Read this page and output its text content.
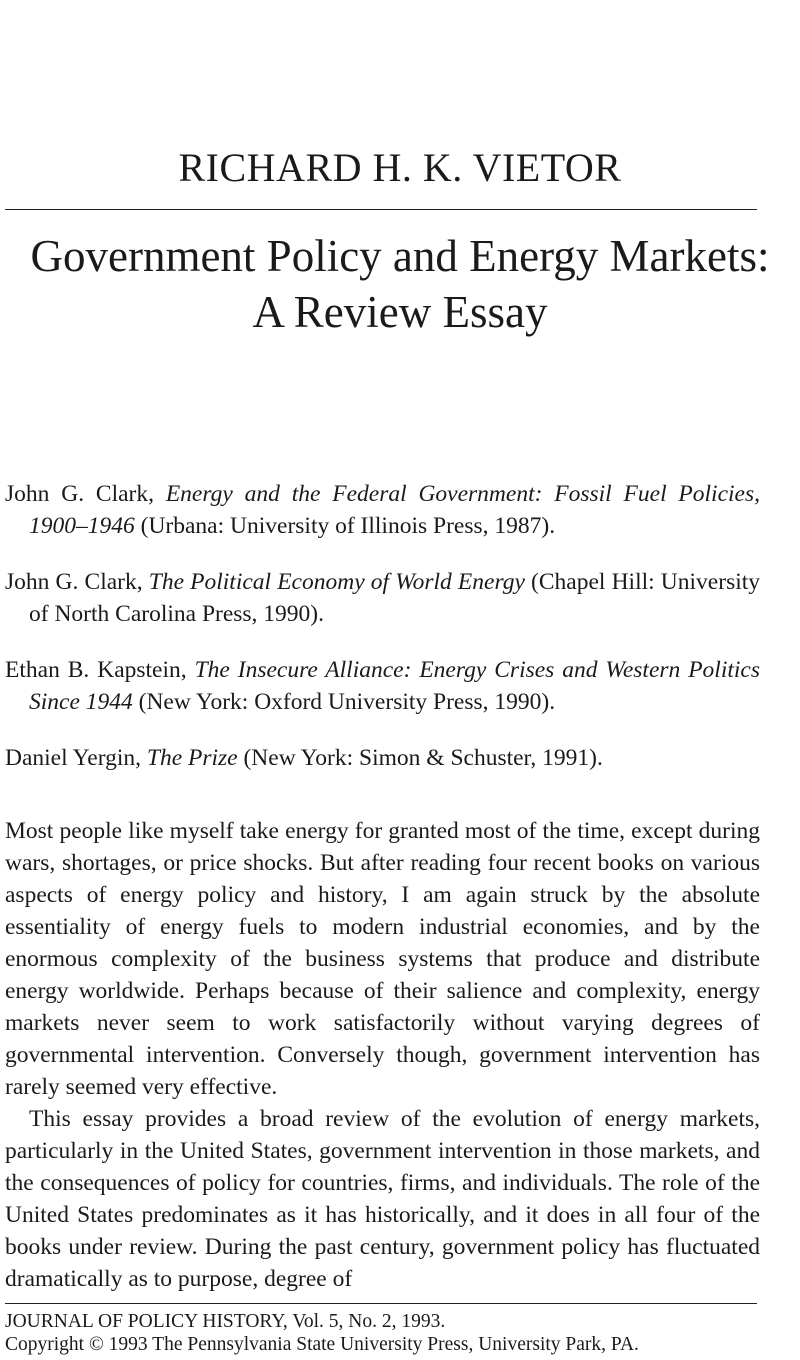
RICHARD H. K. VIETOR
Government Policy and Energy Markets:
A Review Essay

John G. Clark, Energy and the Federal Government: Fossil Fuel Policies, 1900–1946 (Urbana: University of Illinois Press, 1987).

John G. Clark, The Political Economy of World Energy (Chapel Hill: University of North Carolina Press, 1990).

Ethan B. Kapstein, The Insecure Alliance: Energy Crises and Western Politics Since 1944 (New York: Oxford University Press, 1990).

Daniel Yergin, The Prize (New York: Simon & Schuster, 1991).

Most people like myself take energy for granted most of the time, except during wars, shortages, or price shocks. But after reading four recent books on various aspects of energy policy and history, I am again struck by the absolute essentiality of energy fuels to modern industrial economies, and by the enormous complexity of the business systems that produce and distribute energy worldwide. Perhaps because of their salience and complexity, energy markets never seem to work satisfactorily without varying degrees of governmental intervention. Conversely though, government intervention has rarely seemed very effective.

This essay provides a broad review of the evolution of energy markets, particularly in the United States, government intervention in those markets, and the consequences of policy for countries, firms, and individuals. The role of the United States predominates as it has historically, and it does in all four of the books under review. During the past century, government policy has fluctuated dramatically as to purpose, degree of

JOURNAL OF POLICY HISTORY, Vol. 5, No. 2, 1993.
Copyright © 1993 The Pennsylvania State University Press, University Park, PA.
